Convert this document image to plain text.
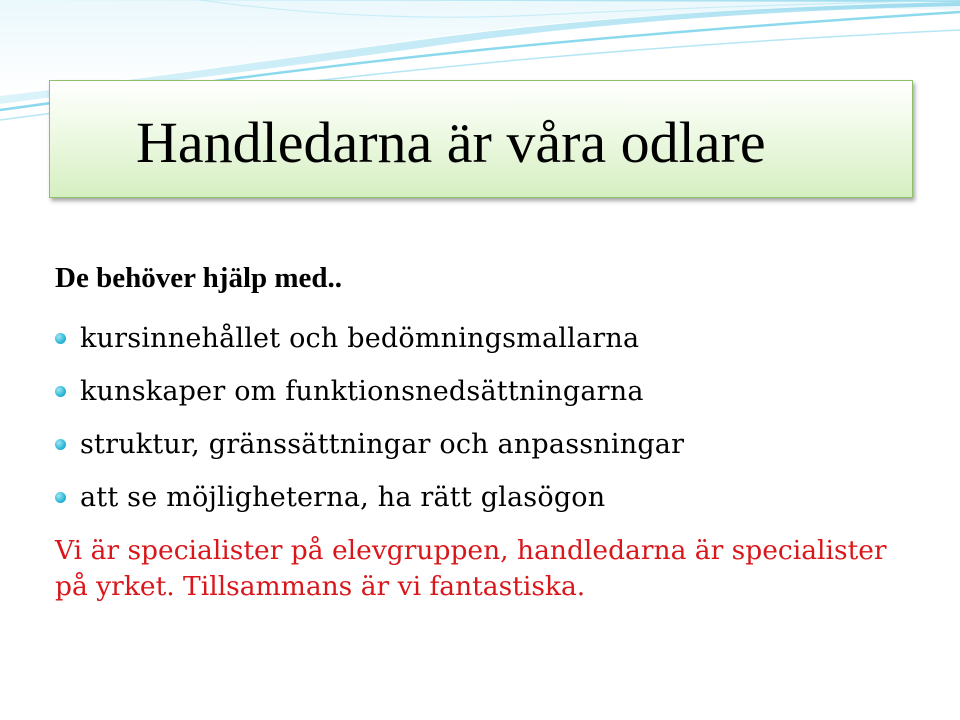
Handledarna är våra odlare

De behöver hjälp med..

kursinnehållet och bedömningsmallarna
kunskaper om funktionsnedsättningarna
struktur, gränssättningar och anpassningar
att se möjligheterna, ha rätt glasögon

Vi är specialister på elevgruppen, handledarna är specialister på yrket. Tillsammans är vi fantastiska.
